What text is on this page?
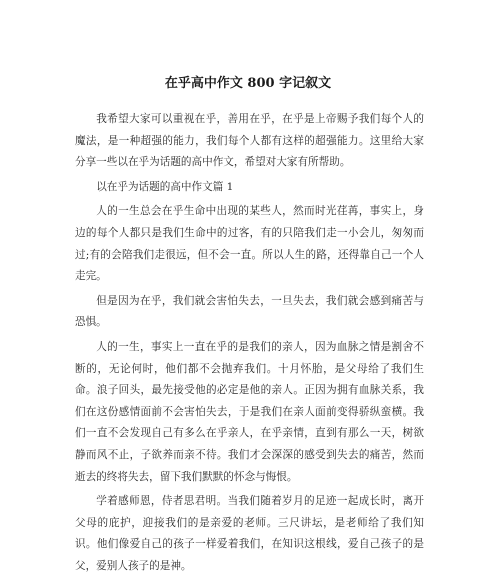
在乎高中作文 800 字记叙文

我希望大家可以重视在乎，善用在乎，在乎是上帝赐予我们每个人的魔法，是一种超强的能力，我们每个人都有这样的超强能力。这里给大家分享一些以在乎为话题的高中作文，希望对大家有所帮助。

以在乎为话题的高中作文篇 1

人的一生总会在乎生命中出现的某些人，然而时光荏苒，事实上，身边的每个人都只是我们生命中的过客，有的只陪我们走一小会儿，匆匆而过;有的会陪我们走很远，但不会一直。所以人生的路，还得靠自己一个人走完。

但是因为在乎，我们就会害怕失去，一旦失去，我们就会感到痛苦与恐惧。

人的一生，事实上一直在乎的是我们的亲人，因为血脉之情是割舍不断的，无论何时，他们都不会抛弃我们。十月怀胎，是父母给了我们生命。浪子回头，最先接受他的必定是他的亲人。正因为拥有血脉关系，我们在这份感情面前不会害怕失去，于是我们在亲人面前变得骄纵蛮横。我们一直不会发现自己有多么在乎亲人，在乎亲情，直到有那么一天，树欲静而风不止，子欲养而亲不待。我们才会深深的感受到失去的痛苦，然而逝去的终将失去，留下我们默默的怀念与悔恨。

学着感师恩，侍者思君明。当我们随着岁月的足迹一起成长时，离开父母的庇护，迎接我们的是亲爱的老师。三尺讲坛，是老师给了我们知识。他们像爱自己的孩子一样爱着我们，在知识这根线，爱自己孩子的是父，爱别人孩子的是神。
